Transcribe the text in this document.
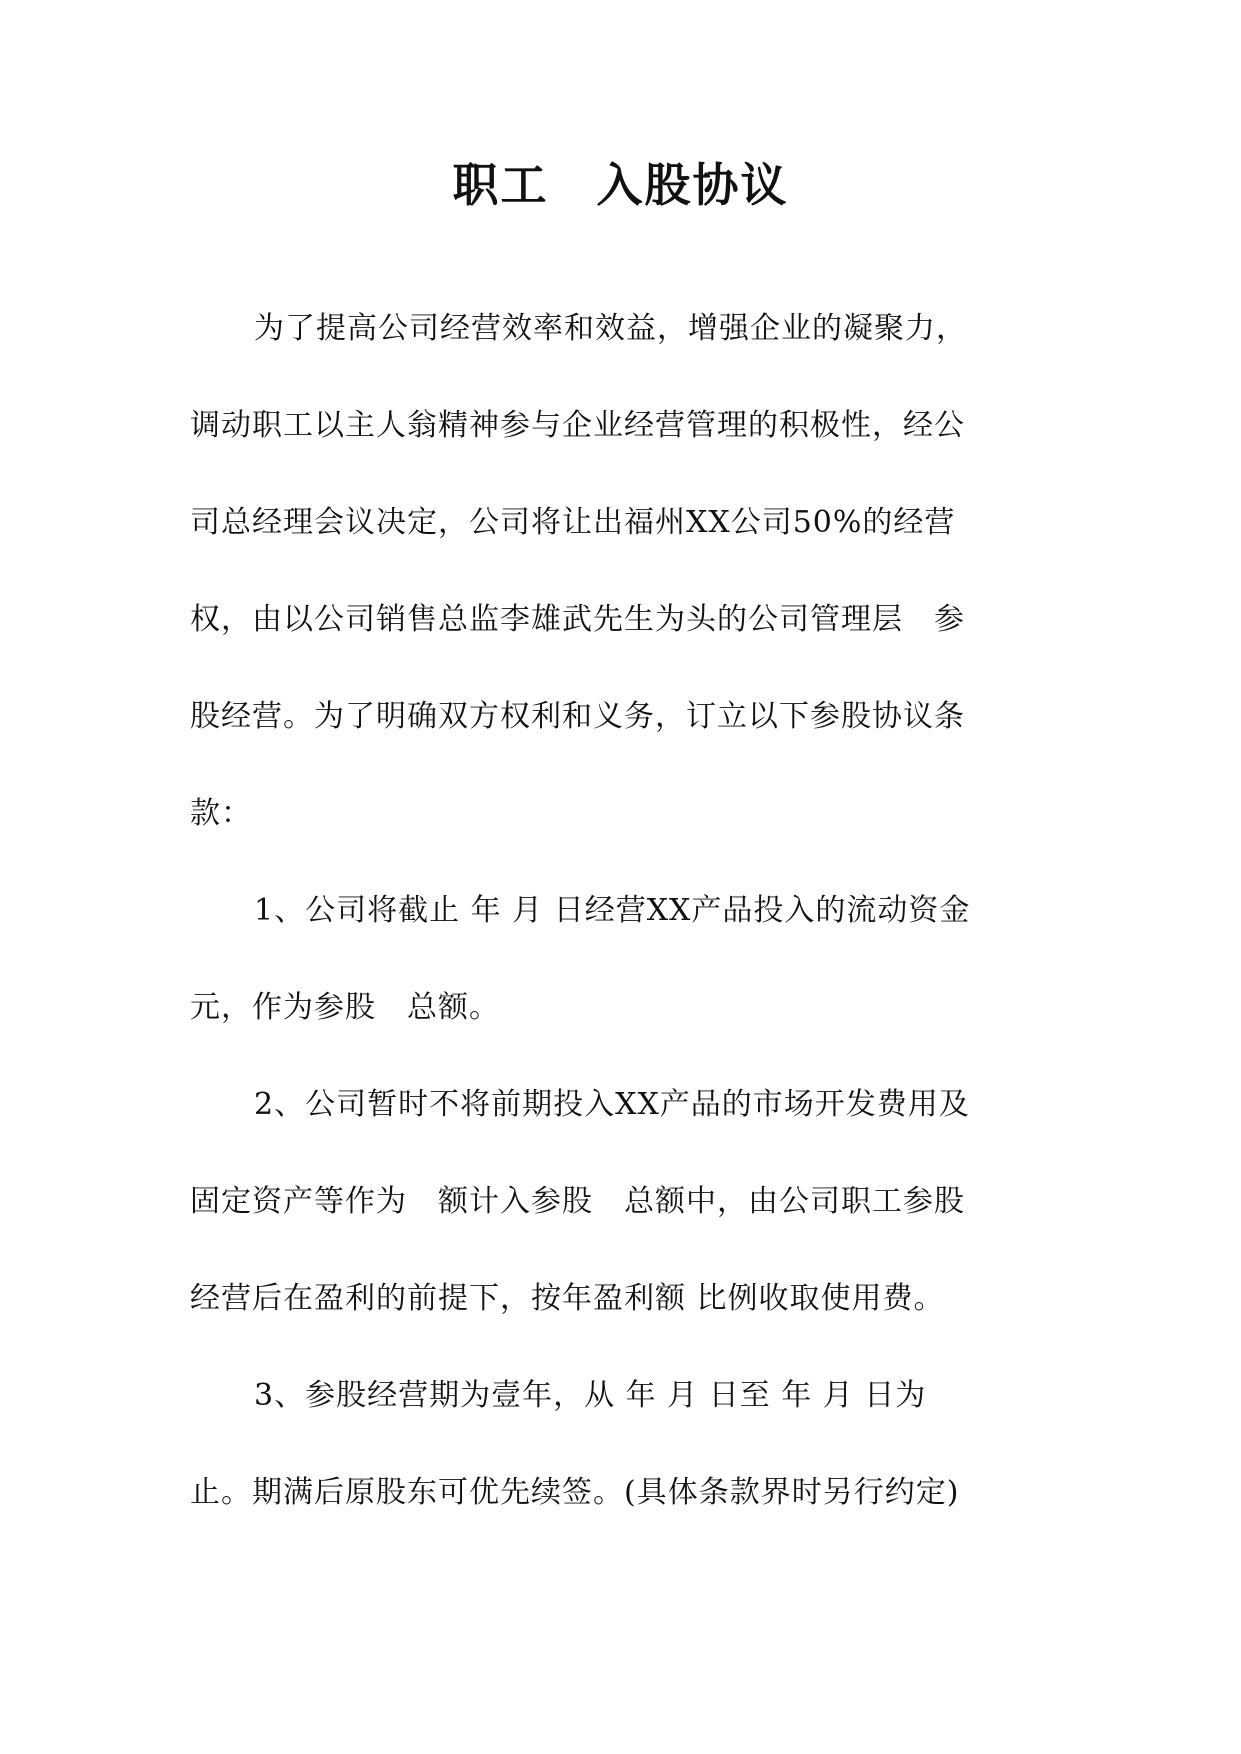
职工　入股协议

为了提高公司经营效率和效益，增强企业的凝聚力，

调动职工以主人翁精神参与企业经营管理的积极性，经公

司总经理会议决定，公司将让出福州XX公司50%的经营

权，由以公司销售总监李雄武先生为头的公司管理层　参

股经营。为了明确双方权利和义务，订立以下参股协议条

款：

1、公司将截止 年 月 日经营XX产品投入的流动资金

元，作为参股　总额。

2、公司暂时不将前期投入XX产品的市场开发费用及

固定资产等作为　额计入参股　总额中，由公司职工参股

经营后在盈利的前提下，按年盈利额 比例收取使用费。

3、参股经营期为壹年，从 年 月 日至 年 月 日为

止。期满后原股东可优先续签。(具体条款界时另行约定)
